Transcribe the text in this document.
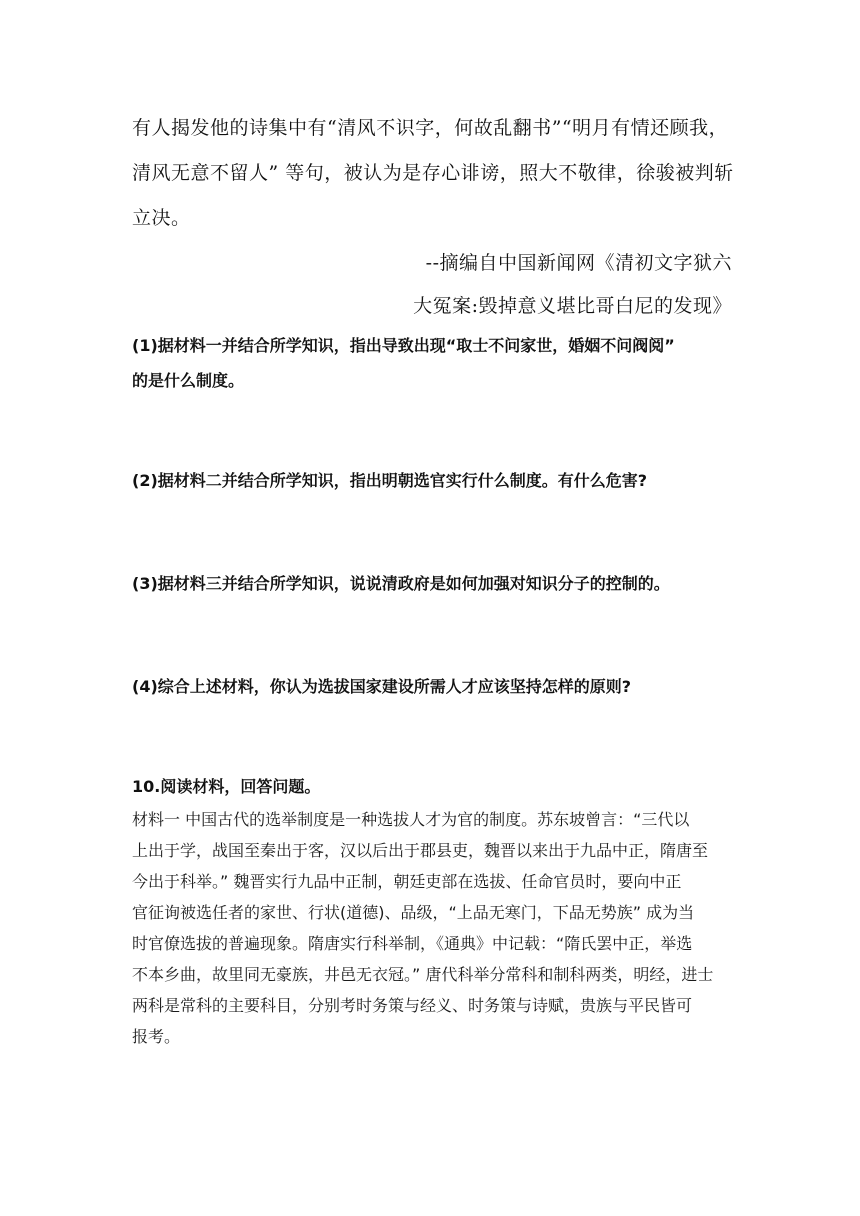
有人揭发他的诗集中有“清风不识字，何故乱翻书”“明月有情还顾我，
清风无意不留人” 等句，被认为是存心诽谤，照大不敬律，徐骏被判斩
立决。
--摘编自中国新闻网《清初文字狱六
大冤案:毁掉意义堪比哥白尼的发现》
(1)据材料一并结合所学知识，指出导致出现“取士不问家世，婚姻不问阀阅”
的是什么制度。
(2)据材料二并结合所学知识，指出明朝选官实行什么制度。有什么危害?
(3)据材料三并结合所学知识，说说清政府是如何加强对知识分子的控制的。
(4)综合上述材料，你认为选拔国家建设所需人才应该坚持怎样的原则?
10.阅读材料，回答问题。
材料一 中国古代的选举制度是一种选拔人才为官的制度。苏东坡曾言：“三代以
上出于学，战国至秦出于客，汉以后出于郡县吏，魏晋以来出于九品中正，隋唐至
今出于科举。” 魏晋实行九品中正制，朝廷吏部在选拔、任命官员时，要向中正
官征询被选任者的家世、行状(道德)、品级，“上品无寒门，下品无势族” 成为当
时官僚选拔的普遍现象。隋唐实行科举制，《通典》中记载：“隋氏罢中正，举选
不本乡曲，故里同无豪族，井邑无衣冠。” 唐代科举分常科和制科两类，明经，进士
两科是常科的主要科目，分别考时务策与经义、时务策与诗赋，贵族与平民皆可
报考。
